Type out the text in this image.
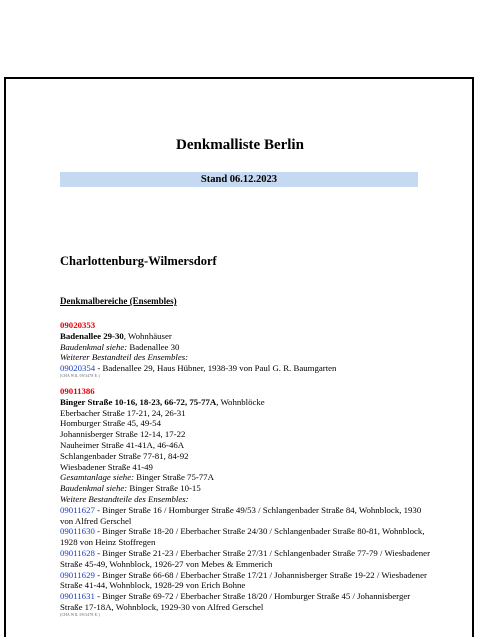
Denkmalliste Berlin
Stand 06.12.2023
Charlottenburg-Wilmersdorf
Denkmalbereiche (Ensembles)
09020353
Badenallee 29-30, Wohnhäuser
Baudenkmal siehe: Badenallee 30
Weiterer Bestandteil des Ensembles:
09020354 - Badenallee 29, Haus Hübner, 1938-39 von Paul G. R. Baumgarten
(CHA WIL 09/3478 E.)
09011386
Binger Straße 10-16, 18-23, 66-72, 75-77A, Wohnblöcke
Eberbacher Straße 17-21, 24, 26-31
Homburger Straße 45, 49-54
Johannisberger Straße 12-14, 17-22
Nauheimer Straße 41-41A, 46-46A
Schlangenbader Straße 77-81, 84-92
Wiesbadener Straße 41-49
Gesamtanlage siehe: Binger Straße 75-77A
Baudenkmal siehe: Binger Straße 10-15
Weitere Bestandteile des Ensembles:
09011627 - Binger Straße 16 / Homburger Straße 49/53 / Schlangenbader Straße 84, Wohnblock, 1930 von Alfred Gerschel
09011630 - Binger Straße 18-20 / Eberbacher Straße 24/30 / Schlangenbader Straße 80-81, Wohnblock, 1928 von Heinz Stoffregen
09011628 - Binger Straße 21-23 / Eberbacher Straße 27/31 / Schlangenbader Straße 77-79 / Wiesbadener Straße 45-49, Wohnblock, 1926-27 von Mebes & Emmerich
09011629 - Binger Straße 66-68 / Eberbacher Straße 17/21 / Johannisberger Straße 19-22 / Wiesbadener Straße 41-44, Wohnblock, 1928-29 von Erich Bohne
09011631 - Binger Straße 69-72 / Eberbacher Straße 18/20 / Homburger Straße 45 / Johannisberger Straße 17-18A, Wohnblock, 1929-30 von Alfred Gerschel
(CHA WIL 09/3478 E.)
